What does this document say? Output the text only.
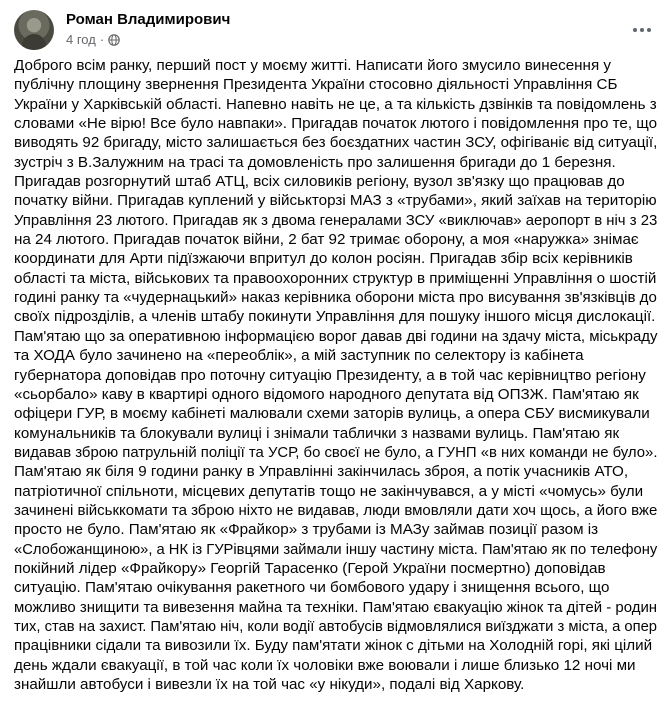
Роман Владимирович
4 год ·
Доброго всім ранку, перший пост у моєму житті. Написати його змусило винесення у
публічну площину звернення Президента України стосовно діяльності Управління СБ
України у Харківській області. Напевно навіть не це, а та кількість дзвінків та повідомлень з
словами «Не вірю! Все було навпаки». Пригадав початок лютого і повідомлення про те, що
виводять 92 бригаду, місто залишається без боєздатних частин ЗСУ, офігіваніє від ситуації,
зустріч з В.Залужним на трасі та домовленість про залишення бригади до 1 березня.
Пригадав розгорнутий штаб АТЦ, всіх силовиків регіону, вузол зв'язку що працював до
початку війни. Пригадав куплений у військторзі МАЗ з «трубами», який заїхав на територію
Управління 23 лютого. Пригадав як з двома генералами ЗСУ «виключав» аеропорт в ніч з 23
на 24 лютого. Пригадав початок війни, 2 бат 92 тримає оборону, а моя «наружка» знімає
координати для Арти підїзжаючи впритул до колон росіян. Пригадав збір всіх керівників
області та міста, військових та правоохоронних структур в приміщенні Управління о шостій
годині ранку та «чудернацький» наказ керівника оборони міста про висування зв'язківців до
своїх підрозділів, а членів штабу покинути Управління для пошуку іншого місця дислокації.
Пам'ятаю що за оперативною інформацією ворог давав дві години на здачу міста, міськраду
та ХОДА було зачинено на «переоблік», а мій заступник по селектору із кабінета
губернатора доповідав про поточну ситуацію Президенту, а в той час керівництво регіону
«сьорбало» каву в квартирі одного відомого народного депутата від ОПЗЖ. Пам'ятаю як
офіцери ГУР, в моєму кабінеті малювали схеми заторів вулиць, а опера СБУ висмикували
комунальників та блокували вулиці і знімали таблички з назвами вулиць. Пам'ятаю як
видавав зброю патрульній поліції та УСР, бо своєї не було, а ГУНП «в них команди не було».
Пам'ятаю як біля 9 години ранку в Управлінні закінчилась зброя, а потік учасників АТО,
патріотичної спільноти, місцевих депутатів тощо не закінчувався, а у місті «чомусь» були
зачинені військкомати та зброю ніхто не видавав, люди вмовляли дати хоч щось, а його вже
просто не було. Пам'ятаю як «Фрайкор» з трубами із МАЗу займав позиції разом із
«Слобожанщиною», а НК із ГУРівцями займали іншу частину міста. Пам'ятаю як по телефону
покійний лідер «Фрайкору» Георгій Тарасенко (Герой України посмертно) доповідав
ситуацію. Пам'ятаю очікування ракетного чи бомбового удару і знищення всього, що
можливо знищити та вивезення майна та техніки. Пам'ятаю євакуацію жінок та дітей - родин
тих, став на захист. Пам'ятаю ніч, коли водії автобусів відмовлялися виїзджати з міста, а опер
працівники сідали та вивозили їх. Буду пам'ятати жінок с дітьми на Холодній горі, які цілий
день ждали євакуації, в той час коли їх чоловіки вже воювали і лише близько 12 ночі ми
знайшли автобуси і вивезли їх на той час «у нікуди», подалі від Харкову.
